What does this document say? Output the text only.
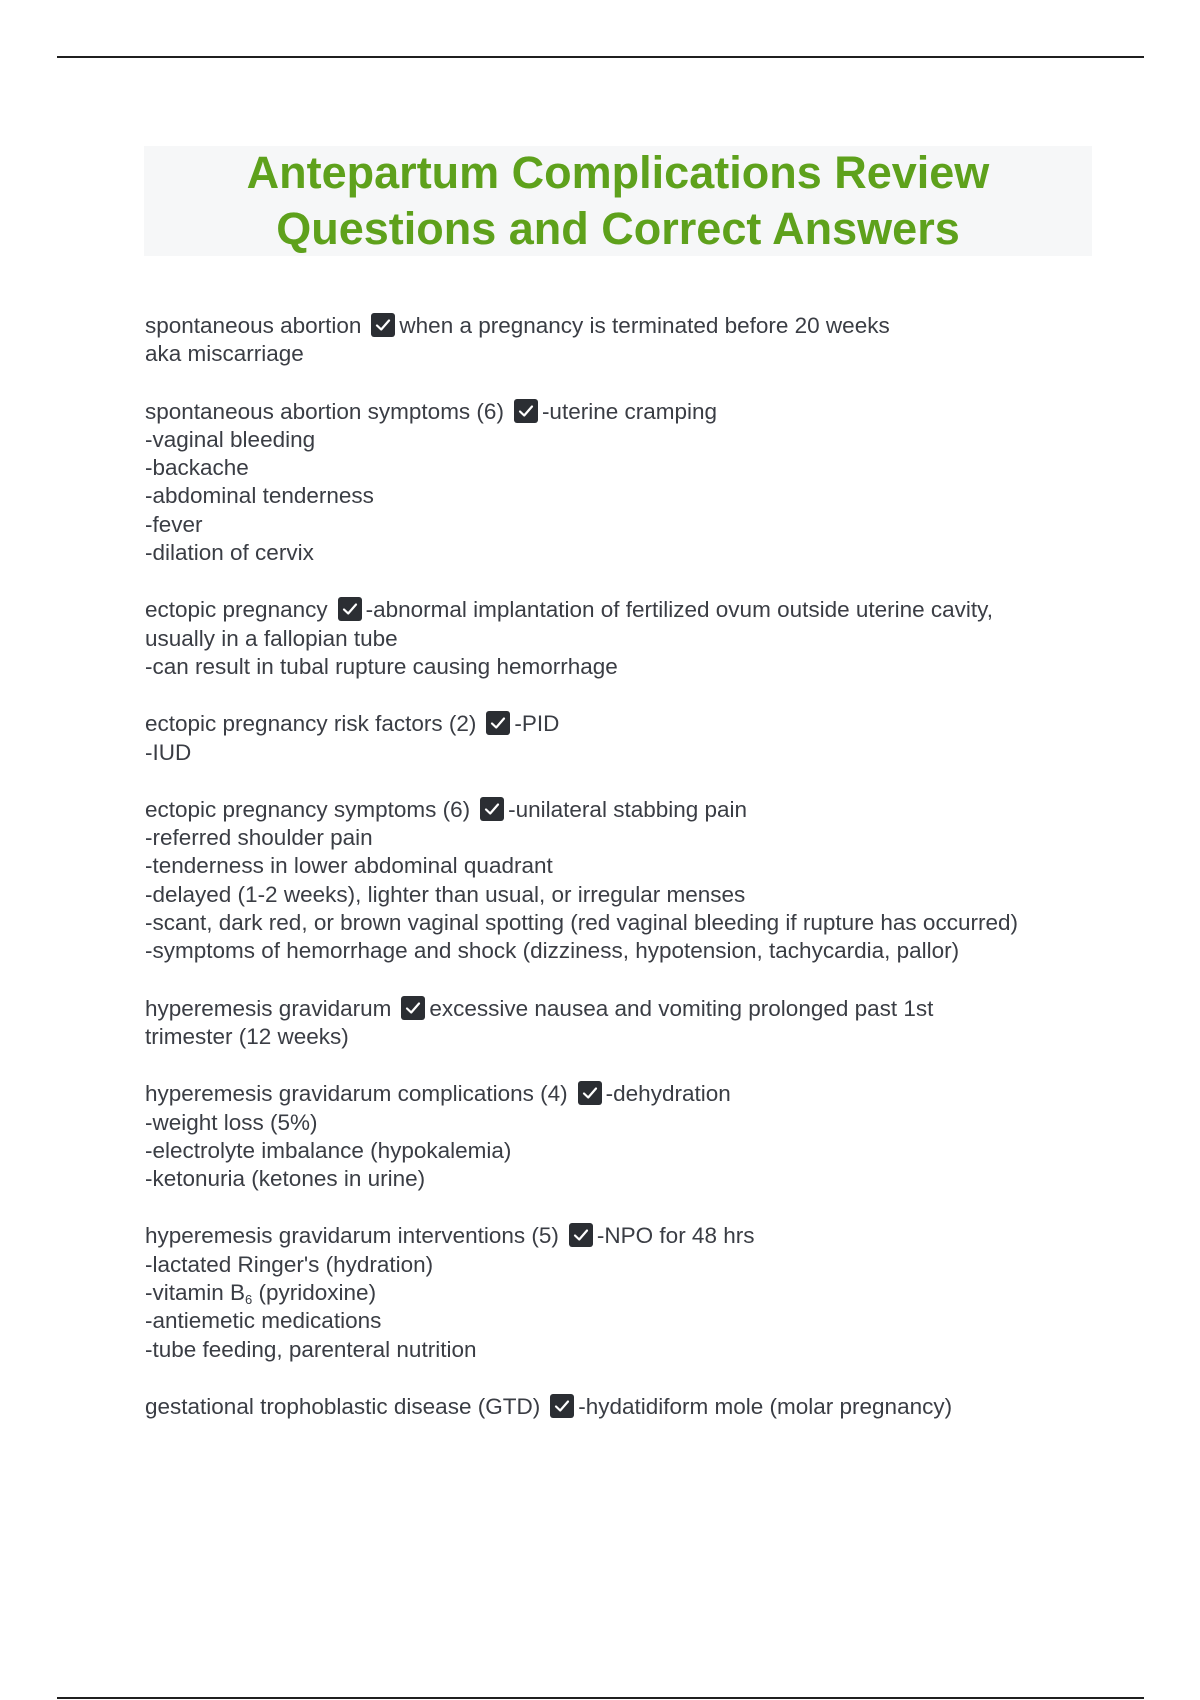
Antepartum Complications Review
Questions and Correct Answers
spontaneous abortion when a pregnancy is terminated before 20 weeks
aka miscarriage
spontaneous abortion symptoms (6) -uterine cramping
-vaginal bleeding
-backache
-abdominal tenderness
-fever
-dilation of cervix
ectopic pregnancy -abnormal implantation of fertilized ovum outside uterine cavity,
usually in a fallopian tube
-can result in tubal rupture causing hemorrhage
ectopic pregnancy risk factors (2) -PID
-IUD
ectopic pregnancy symptoms (6) -unilateral stabbing pain
-referred shoulder pain
-tenderness in lower abdominal quadrant
-delayed (1-2 weeks), lighter than usual, or irregular menses
-scant, dark red, or brown vaginal spotting (red vaginal bleeding if rupture has occurred)
-symptoms of hemorrhage and shock (dizziness, hypotension, tachycardia, pallor)
hyperemesis gravidarum excessive nausea and vomiting prolonged past 1st
trimester (12 weeks)
hyperemesis gravidarum complications (4) -dehydration
-weight loss (5%)
-electrolyte imbalance (hypokalemia)
-ketonuria (ketones in urine)
hyperemesis gravidarum interventions (5) -NPO for 48 hrs
-lactated Ringer's (hydration)
-vitamin $B_6$ (pyridoxine)
-antiemetic medications
-tube feeding, parenteral nutrition
gestational trophoblastic disease (GTD) -hydatidiform mole (molar pregnancy)
